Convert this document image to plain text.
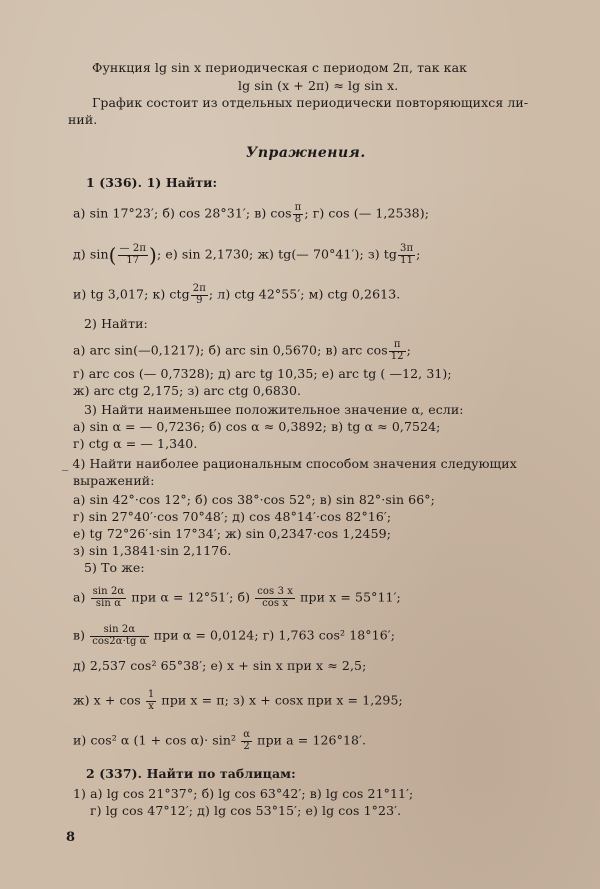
Функция lg sin x периодическая с периодом 2π, так как
lg sin (x + 2π) ≈ lg sin x.
График состоит из отдельных периодически повторяющихся ли-
ний.
Упражнения.
1 (336). 1) Найти:
а) sin 17°23′; б) cos 28°31′; в) $\cos \frac{\pi}{8}$ ; г) cos (— 1,2538);
д) $\sin( \frac{— 2\pi}{17}$ ); е) sin 2,1730; ж) tg(— 70°41′); з) tg $\frac{3\pi}{11}$ ;
и) tg 3,017; к) ctg $\frac{2\pi}{9}$ ; л) ctg 42°55′; м) ctg 0,2613.
2) Найти:
а) arc sin(—0,1217); б) arc sin 0,5670; в) arc $\cos \frac{\pi}{12}$ ;
г) arc cos (— 0,7328); д) arc tg 10,35; е) arc tg ( —12, 31);
ж) arc ctg 2,175; з) arc ctg 0,6830.
3) Найти наименьшее положительное значение α, если:
а) sin α = — 0,7236; б) cos α ≈ 0,3892; в) tg α ≈ 0,7524;
г) ctg α = — 1,340.
_ 4) Найти наиболее рациональным способом значения следующих
выражений:
а) sin 42°·cos 12°; б) cos 38°·cos 52°; в) sin 82°·sin 66°;
г) sin 27°40′·cos 70°48′; д) cos 48°14′·cos 82°16′;
е) tg 72°26′·sin 17°34′; ж) sin 0,2347·cos 1,2459;
з) sin 1,3841·sin 2,1176.
5) То же:
$а) \frac{\sin 2\alpha}{\text{sin α}}$ при α = 12°51′; $б) \frac{\cos 3 x}{\text{cos x}}$ при x = 55°11′;
$в) \frac{\sin 2\alpha}{\text{cos2α·tg α}}$ при α = 0,0124; г) 1,763 cos² 18°16′;
д) 2,537 cos² 65°38′; е) x + sin x при x ≈ 2,5;
ж) $x + \cos \frac{1}{x}$ при x = π; з) x + cosx при x = 1,295;
и) cos² α $(1 + \cos \alpha)\cdot \sin^2 \frac{\alpha}{2}$ при a = 126°18′.
2 (337). Найти по таблицам:
1) а) lg cos 21°37°; б) lg cos 63°42′; в) lg cos 21°11′;
г) lg cos 47°12′; д) lg cos 53°15′; е) lg cos 1°23′.
8
